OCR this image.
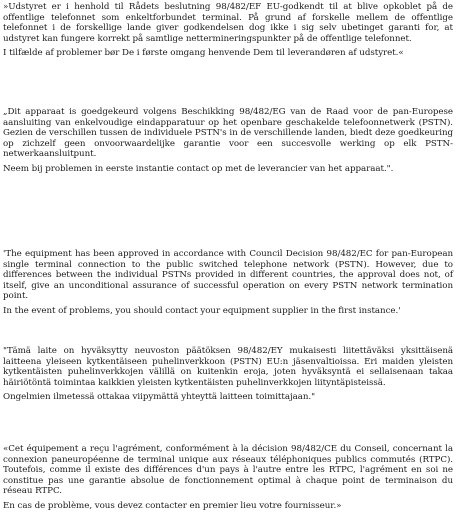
»Udstyret er i henhold til Rådets beslutning 98/482/EF EU-godkendt til at blive opkoblet på de offentlige telefonnet som enkeltforbundet terminal. På grund af forskelle mellem de offentlige telefonnet i de forskellige lande giver godkendelsen dog ikke i sig selv ubetinget garanti for, at udstyret kan fungere korrekt på samtlige nettermineringspunkter på de offentlige telefonnet.

I tilfælde af problemer bør De i første omgang henvende Dem til leverandøren af udstyret.«

„Dit apparaat is goedgekeurd volgens Beschikking 98/482/EG van de Raad voor de pan-Europese aansluiting van enkelvoudige eindapparatuur op het openbare geschakelde telefoonnetwerk (PSTN). Gezien de verschillen tussen de individuele PSTN's in de verschillende landen, biedt deze goedkeuring op zichzelf geen onvoorwaardelijke garantie voor een succesvolle werking op elk PSTN-netwerkaansluitpunt.

Neem bij problemen in eerste instantie contact op met de leverancier van het apparaat.".

'The equipment has been approved in accordance with Council Decision 98/482/EC for pan-European single terminal connection to the public switched telephone network (PSTN). However, due to differences between the individual PSTNs provided in different countries, the approval does not, of itself, give an unconditional assurance of successful operation on every PSTN network termination point.

In the event of problems, you should contact your equipment supplier in the first instance.'

"Tämä laite on hyväksytty neuvoston päätöksen 98/482/EY mukaisesti liitettäväksi yksittäisenä laitteena yleiseen kytkentäiseen puhelinverkkoon (PSTN) EU:n jäsenvaltioissa. Eri maiden yleisten kytkentäisten puhelinverkkojen välillä on kuitenkin eroja, joten hyväksyntä ei sellaisenaan takaa häiriötöntä toimintaa kaikkien yleisten kytkentäisten puhelinverkkojen liityntäpisteissä.

Ongelmien ilmetessä ottakaa viipymättä yhteyttä laitteen toimittajaan."

«Cet équipement a reçu l'agrément, conformément à la décision 98/482/CE du Conseil, concernant la connexion paneuropéenne de terminal unique aux réseaux téléphoniques publics commutés (RTPC). Toutefois, comme il existe des différences d'un pays à l'autre entre les RTPC, l'agrément en soi ne constitue pas une garantie absolue de fonctionnement optimal à chaque point de terminaison du réseau RTPC.

En cas de problème, vous devez contacter en premier lieu votre fournisseur.»
